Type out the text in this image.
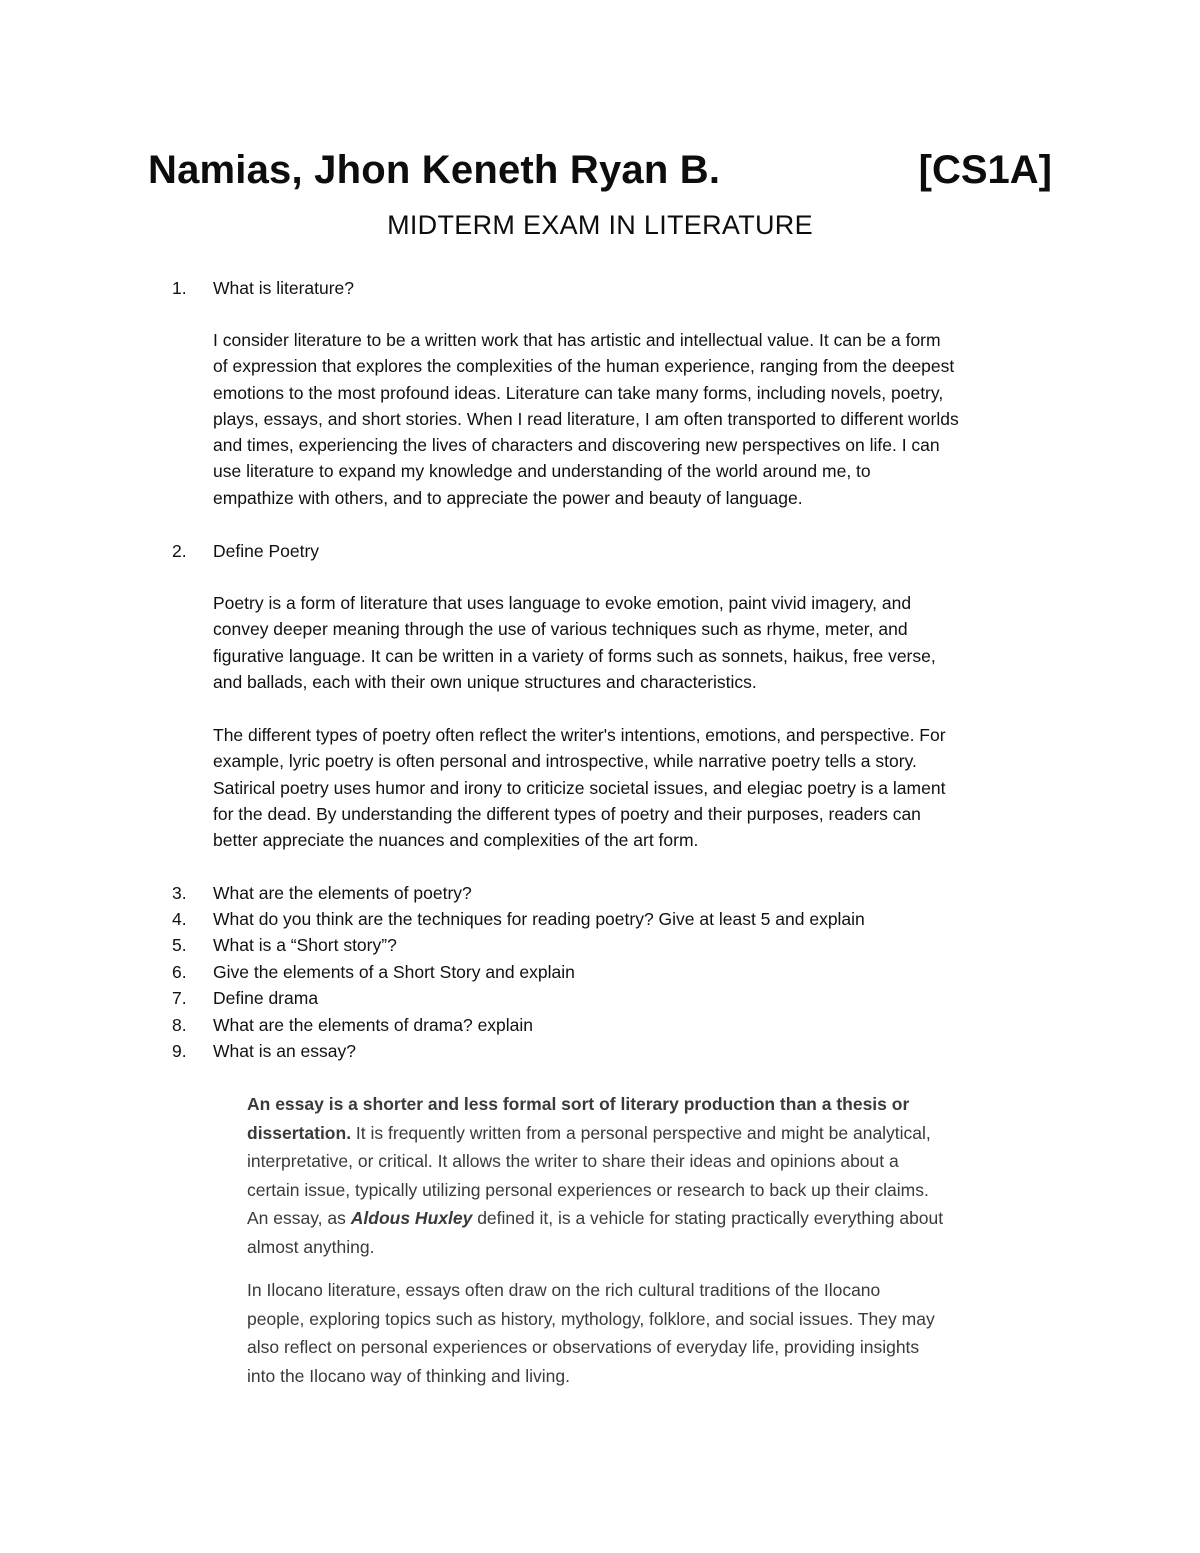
Namias, Jhon Keneth Ryan B.	[CS1A]
MIDTERM EXAM IN LITERATURE
1. What is literature?

I consider literature to be a written work that has artistic and intellectual value. It can be a form

of expression that explores the complexities of the human experience, ranging from the deepest

emotions to the most profound ideas. Literature can take many forms, including novels, poetry,

plays, essays, and short stories. When I read literature, I am often transported to different worlds

and times, experiencing the lives of characters and discovering new perspectives on life. I can

use literature to expand my knowledge and understanding of the world around me, to

empathize with others, and to appreciate the power and beauty of language.

2. Define Poetry

Poetry is a form of literature that uses language to evoke emotion, paint vivid imagery, and

convey deeper meaning through the use of various techniques such as rhyme, meter, and

figurative language. It can be written in a variety of forms such as sonnets, haikus, free verse,

and ballads, each with their own unique structures and characteristics.

The different types of poetry often reflect the writer's intentions, emotions, and perspective. For

example, lyric poetry is often personal and introspective, while narrative poetry tells a story.

Satirical poetry uses humor and irony to criticize societal issues, and elegiac poetry is a lament

for the dead. By understanding the different types of poetry and their purposes, readers can

better appreciate the nuances and complexities of the art form.

3. What are the elements of poetry?
4. What do you think are the techniques for reading poetry? Give at least 5 and explain
5. What is a “Short story”?
6. Give the elements of a Short Story and explain
7. Define drama
8. What are the elements of drama? explain
9. What is an essay?

An essay is a shorter and less formal sort of literary production than a thesis or

dissertation. It is frequently written from a personal perspective and might be analytical,

interpretative, or critical. It allows the writer to share their ideas and opinions about a

certain issue, typically utilizing personal experiences or research to back up their claims.

An essay, as Aldous Huxley defined it, is a vehicle for stating practically everything about

almost anything.

In Ilocano literature, essays often draw on the rich cultural traditions of the Ilocano

people, exploring topics such as history, mythology, folklore, and social issues. They may

also reflect on personal experiences or observations of everyday life, providing insights

into the Ilocano way of thinking and living.
